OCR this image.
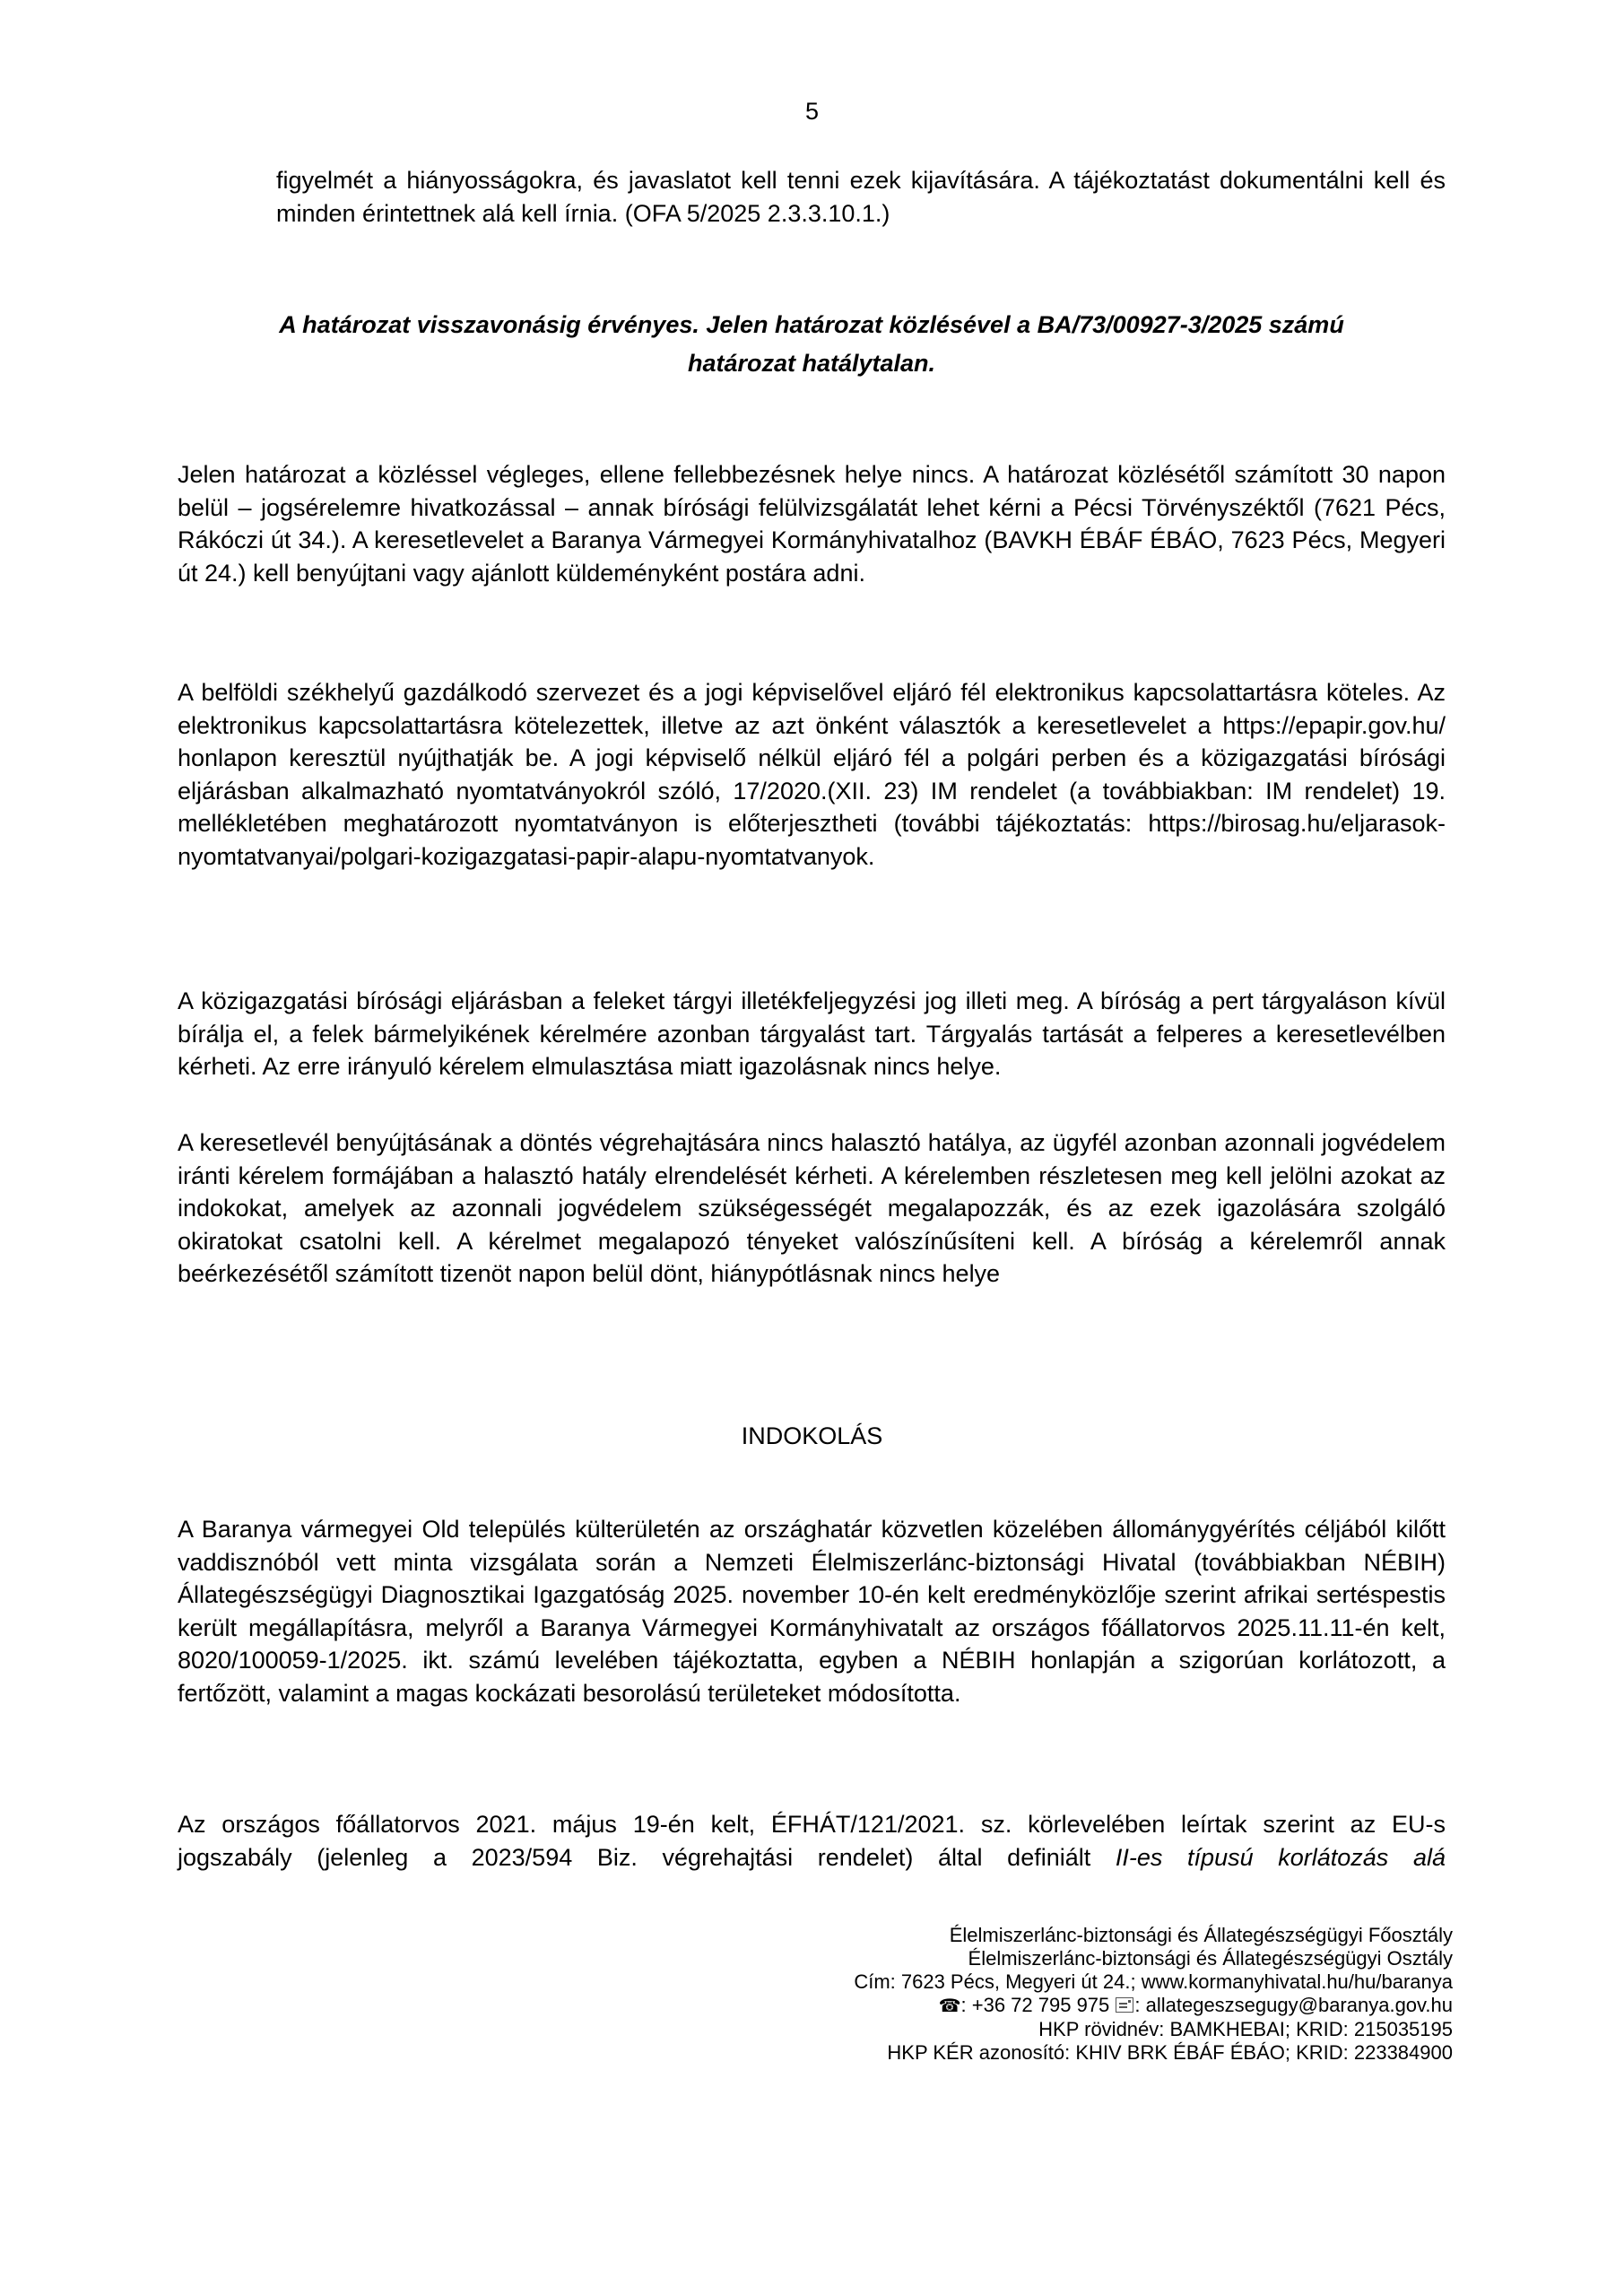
5

figyelmét a hiányosságokra, és javaslatot kell tenni ezek kijavítására. A tájékoztatást dokumentálni kell és minden érintettnek alá kell írnia. (OFA 5/2025 2.3.3.10.1.)

A határozat visszavonásig érvényes. Jelen határozat közlésével a BA/73/00927-3/2025 számú

határozat hatálytalan.

Jelen határozat a közléssel végleges, ellene fellebbezésnek helye nincs. A határozat közlésétől számított 30 napon belül – jogsérelemre hivatkozással – annak bírósági felülvizsgálatát lehet kérni a Pécsi Törvényszéktől (7621 Pécs, Rákóczi út 34.). A keresetlevelet a Baranya Vármegyei Kormányhivatalhoz (BAVKH ÉBÁF ÉBÁO, 7623 Pécs, Megyeri út 24.) kell benyújtani vagy ajánlott küldeményként postára adni.

A belföldi székhelyű gazdálkodó szervezet és a jogi képviselővel eljáró fél elektronikus kapcsolattartásra köteles. Az elektronikus kapcsolattartásra kötelezettek, illetve az azt önként választók a keresetlevelet a https://epapir.gov.hu/ honlapon keresztül nyújthatják be. A jogi képviselő nélkül eljáró fél a polgári perben és a közigazgatási bírósági eljárásban alkalmazható nyomtatványokról szóló, 17/2020.(XII. 23) IM rendelet (a továbbiakban: IM rendelet) 19. mellékletében meghatározott nyomtatványon is előterjesztheti (további tájékoztatás: https://birosag.hu/eljarasok-nyomtatvanyai/polgari-kozigazgatasi-papir-alapu-nyomtatvanyok.

A közigazgatási bírósági eljárásban a feleket tárgyi illetékfeljegyzési jog illeti meg. A bíróság a pert tárgyaláson kívül bírálja el, a felek bármelyikének kérelmére azonban tárgyalást tart. Tárgyalás tartását a felperes a keresetlevélben kérheti. Az erre irányuló kérelem elmulasztása miatt igazolásnak nincs helye.

A keresetlevél benyújtásának a döntés végrehajtására nincs halasztó hatálya, az ügyfél azonban azonnali jogvédelem iránti kérelem formájában a halasztó hatály elrendelését kérheti. A kérelemben részletesen meg kell jelölni azokat az indokokat, amelyek az azonnali jogvédelem szükségességét megalapozzák, és az ezek igazolására szolgáló okiratokat csatolni kell. A kérelmet megalapozó tényeket valószínűsíteni kell. A bíróság a kérelemről annak beérkezésétől számított tizenöt napon belül dönt, hiánypótlásnak nincs helye

INDOKOLÁS

A Baranya vármegyei Old település külterületén az országhatár közvetlen közelében állománygyérítés céljából kilőtt vaddisznóból vett minta vizsgálata során a Nemzeti Élelmiszerlánc-biztonsági Hivatal (továbbiakban NÉBIH) Állategészségügyi Diagnosztikai Igazgatóság 2025. november 10-én kelt eredményközlője szerint afrikai sertéspestis került megállapításra, melyről a Baranya Vármegyei Kormányhivatalt az országos főállatorvos 2025.11.11-én kelt, 8020/100059-1/2025. ikt. számú levelében tájékoztatta, egyben a NÉBIH honlapján a szigorúan korlátozott, a fertőzött, valamint a magas kockázati besorolású területeket módosította.

Az országos főállatorvos 2021. május 19-én kelt, ÉFHÁT/121/2021. sz. körlevelében leírtak szerint az EU-s jogszabály (jelenleg a 2023/594 Biz. végrehajtási rendelet) által definiált II-es típusú korlátozás alá

Élelmiszerlánc-biztonsági és Állategészségügyi Főosztály
Élelmiszerlánc-biztonsági és Állategészségügyi Osztály
Cím: 7623 Pécs, Megyeri út 24.; www.kormanyhivatal.hu/hu/baranya
☎: +36 72 795 975 : allategeszsegugy@baranya.gov.hu
HKP rövidnév: BAMKHEBAI; KRID: 215035195
HKP KÉR azonosító: KHIV BRK ÉBÁF ÉBÁO; KRID: 223384900
